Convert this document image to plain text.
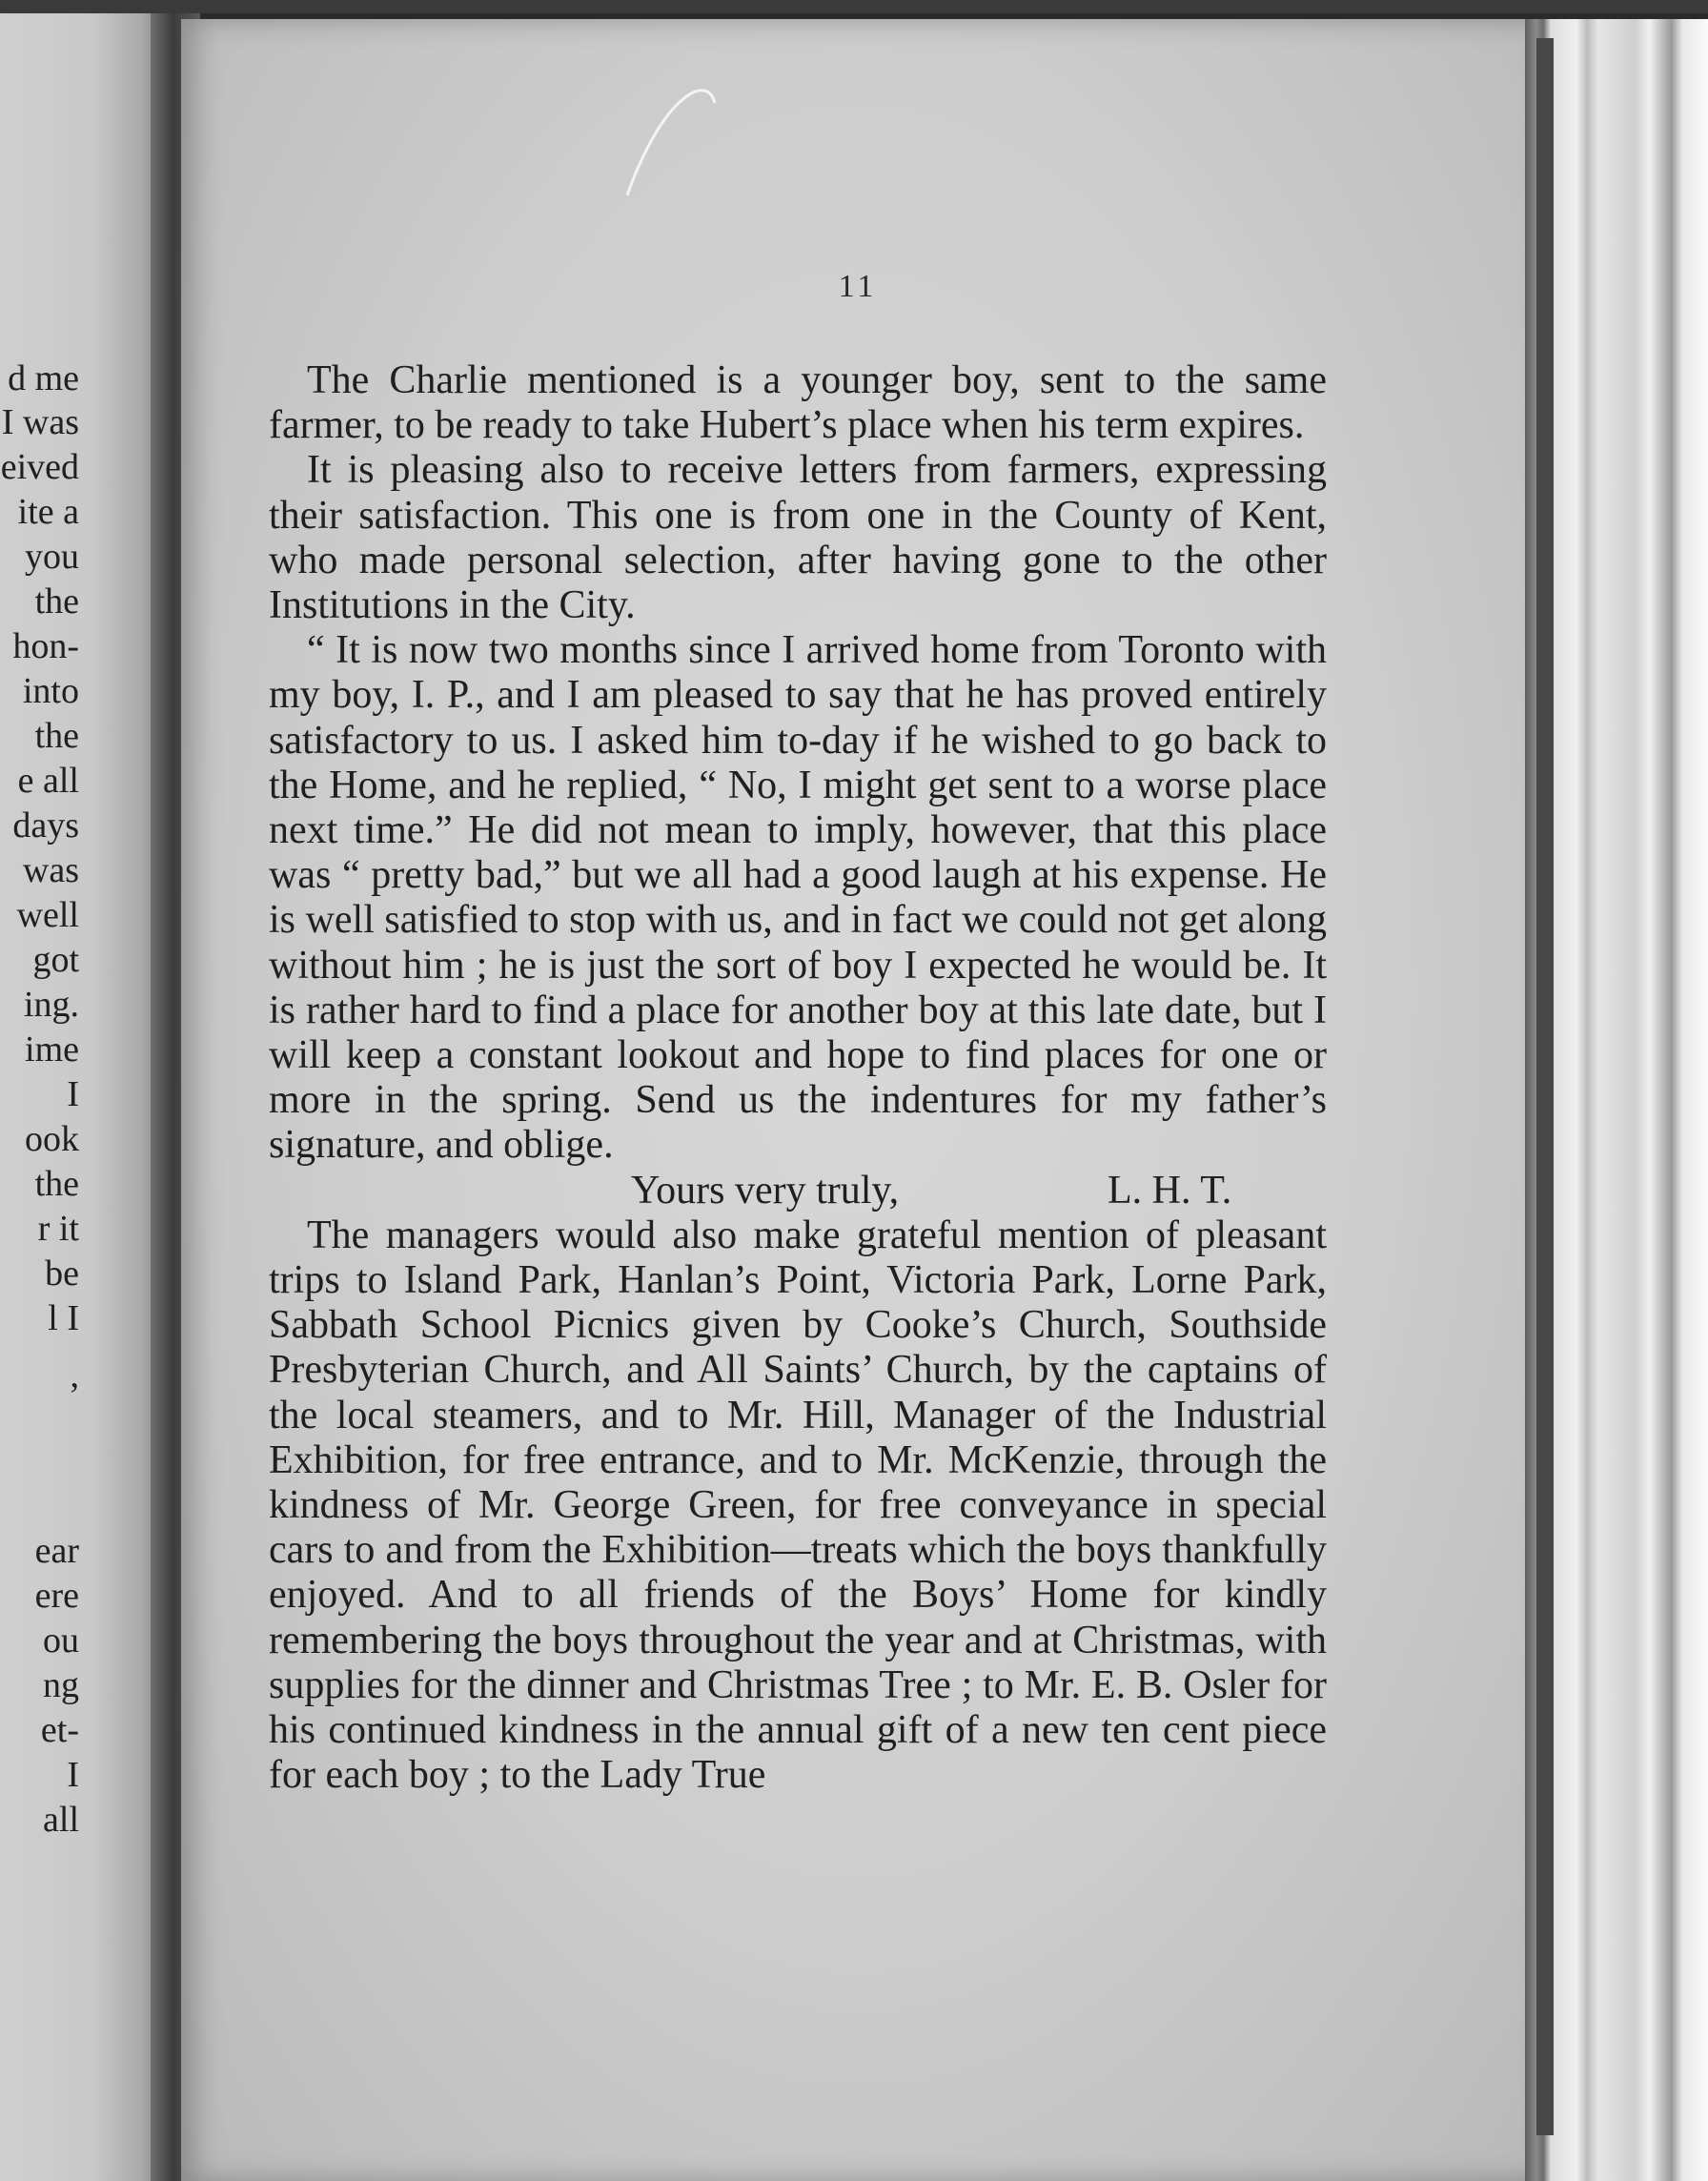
d me
I was
eived
ite a
you
the
hon-
into
the
e all
days
was
well
got
ing.
ime
I
ook
the
r it
be
l I
,
ear
ere
ou
ng
et-
I
all
11

The Charlie mentioned is a younger boy, sent to the same farmer, to be ready to take Hubert’s place when his term expires.

It is pleasing also to receive letters from farmers, expressing their satisfaction. This one is from one in the County of Kent, who made personal selection, after having gone to the other Institutions in the City.

“ It is now two months since I arrived home from Toronto with my boy, I. P., and I am pleased to say that he has proved entirely satisfactory to us. I asked him to-day if he wished to go back to the Home, and he replied, “ No, I might get sent to a worse place next time.” He did not mean to imply, however, that this place was “ pretty bad,” but we all had a good laugh at his expense. He is well satisfied to stop with us, and in fact we could not get along without him ; he is just the sort of boy I expected he would be. It is rather hard to find a place for another boy at this late date, but I will keep a constant lookout and hope to find places for one or more in the spring. Send us the indentures for my father’s signature, and oblige.

Yours very truly,	L. H. T.

The managers would also make grateful mention of pleasant trips to Island Park, Hanlan’s Point, Victoria Park, Lorne Park, Sabbath School Picnics given by Cooke’s Church, Southside Presbyterian Church, and All Saints’ Church, by the captains of the local steamers, and to Mr. Hill, Manager of the Industrial Exhibition, for free entrance, and to Mr. McKenzie, through the kindness of Mr. George Green, for free conveyance in special cars to and from the Exhibition—treats which the boys thankfully enjoyed. And to all friends of the Boys’ Home for kindly remembering the boys throughout the year and at Christmas, with supplies for the dinner and Christmas Tree ; to Mr. E. B. Osler for his continued kindness in the annual gift of a new ten cent piece for each boy ; to the Lady True
